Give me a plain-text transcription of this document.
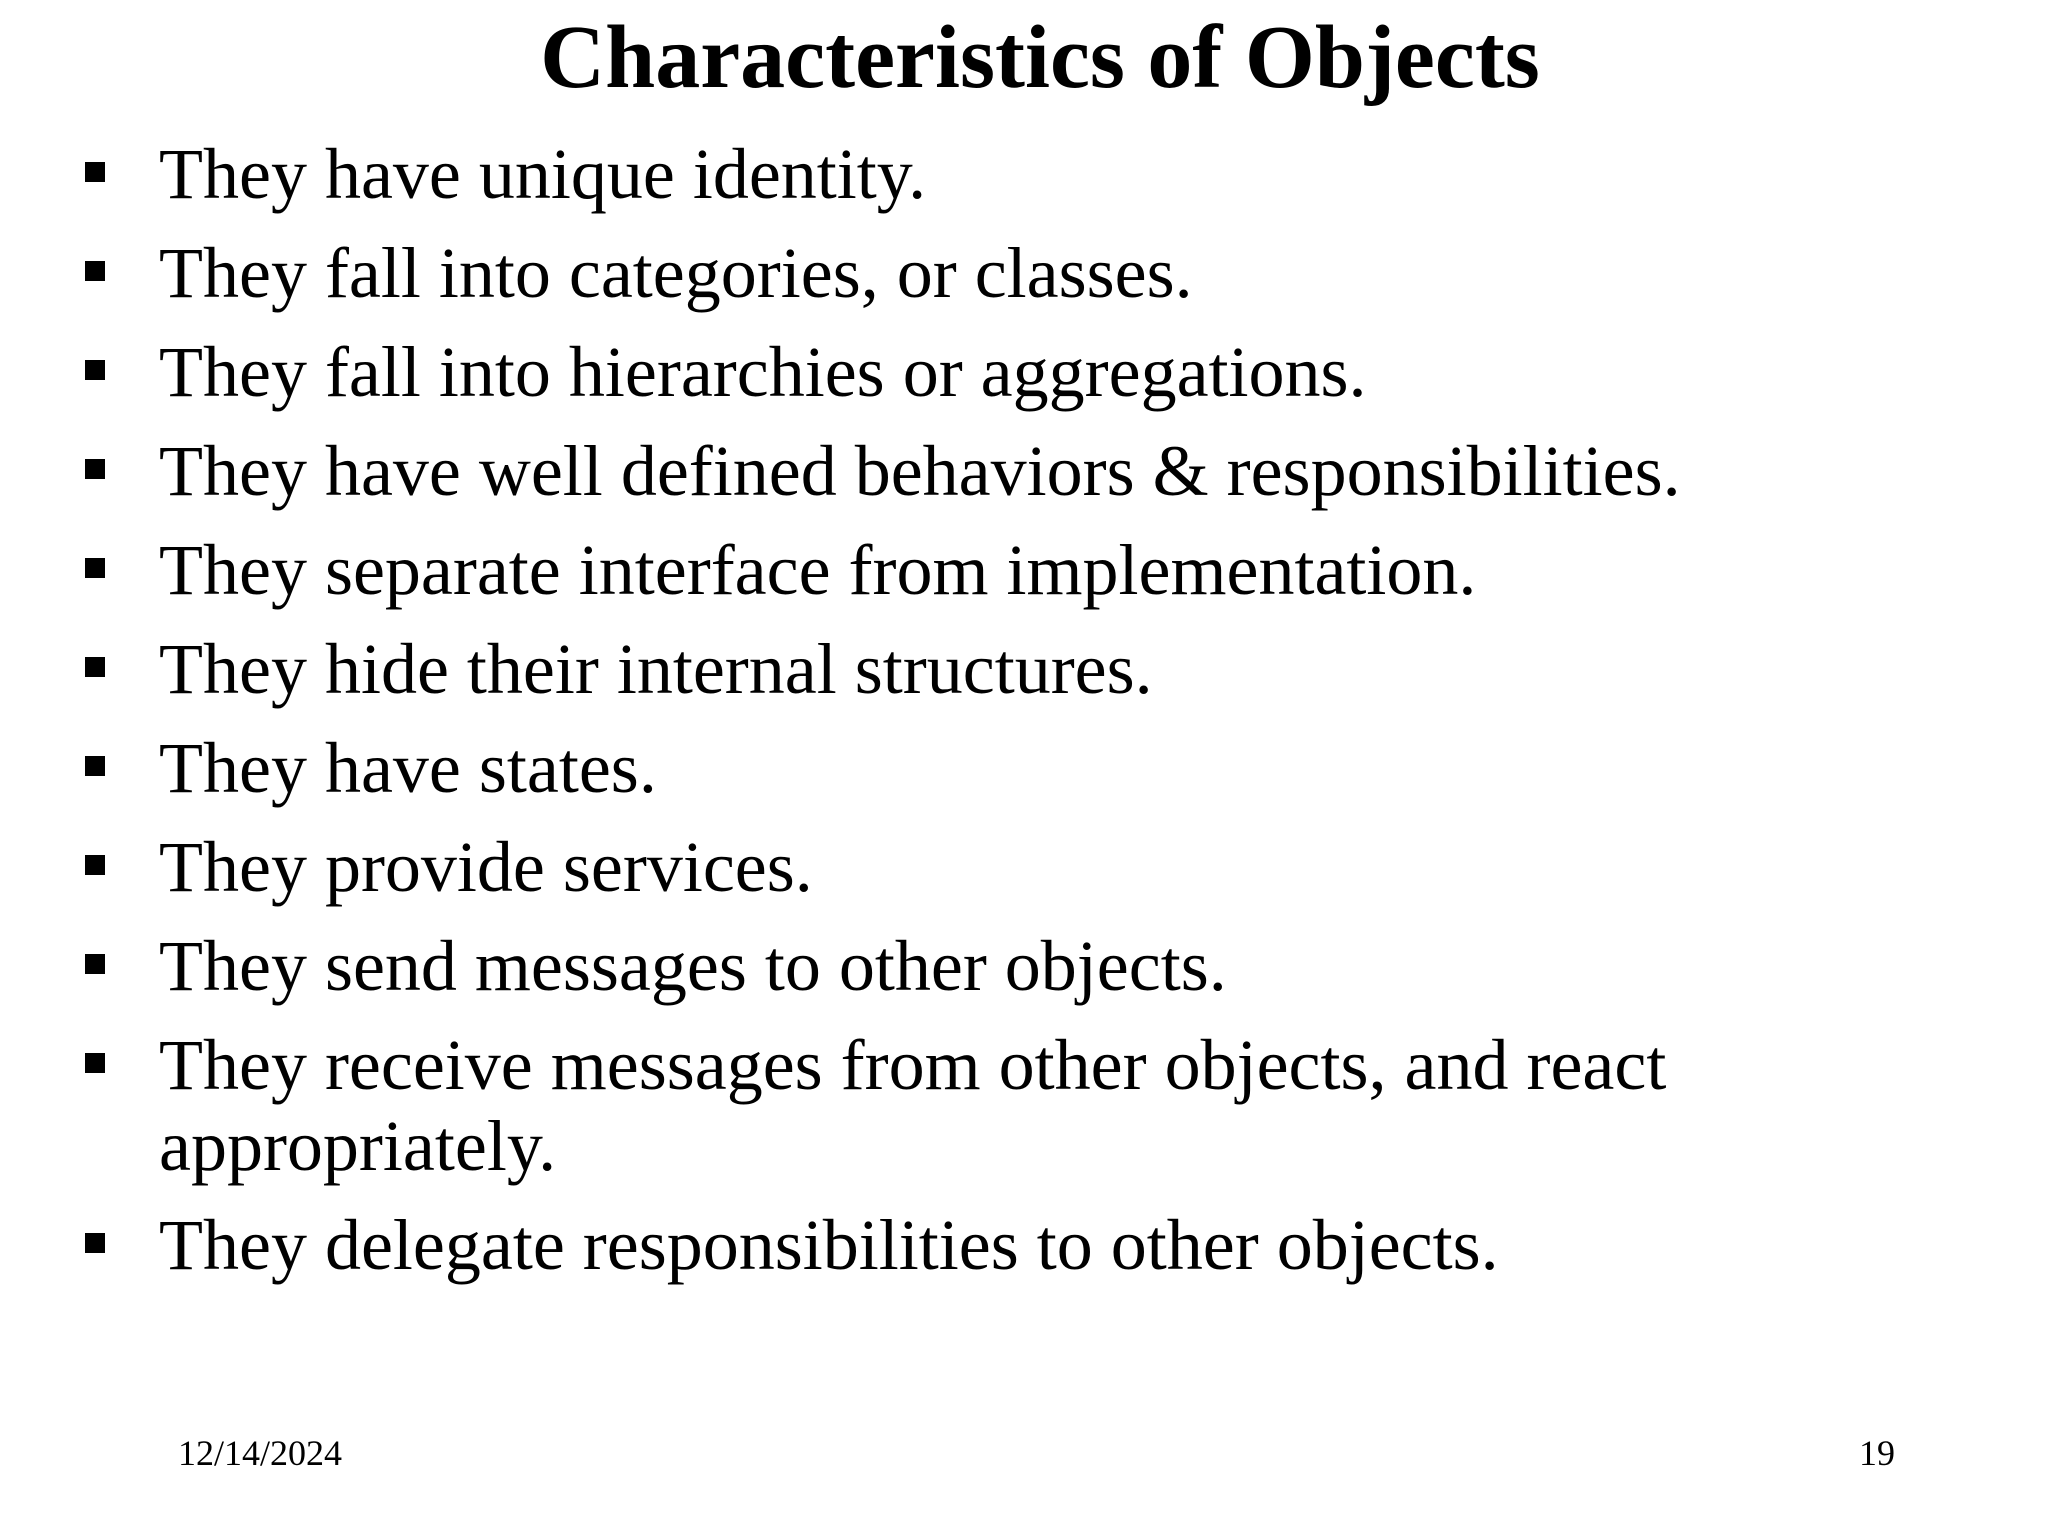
Characteristics of Objects
They have unique identity.
They fall into categories, or classes.
They fall into hierarchies or aggregations.
They have well defined behaviors & responsibilities.
They separate interface from implementation.
They hide their internal structures.
They have states.
They provide services.
They send messages to other objects.
They receive messages from other objects, and react appropriately.
They delegate responsibilities to other objects.
12/14/2024	19
